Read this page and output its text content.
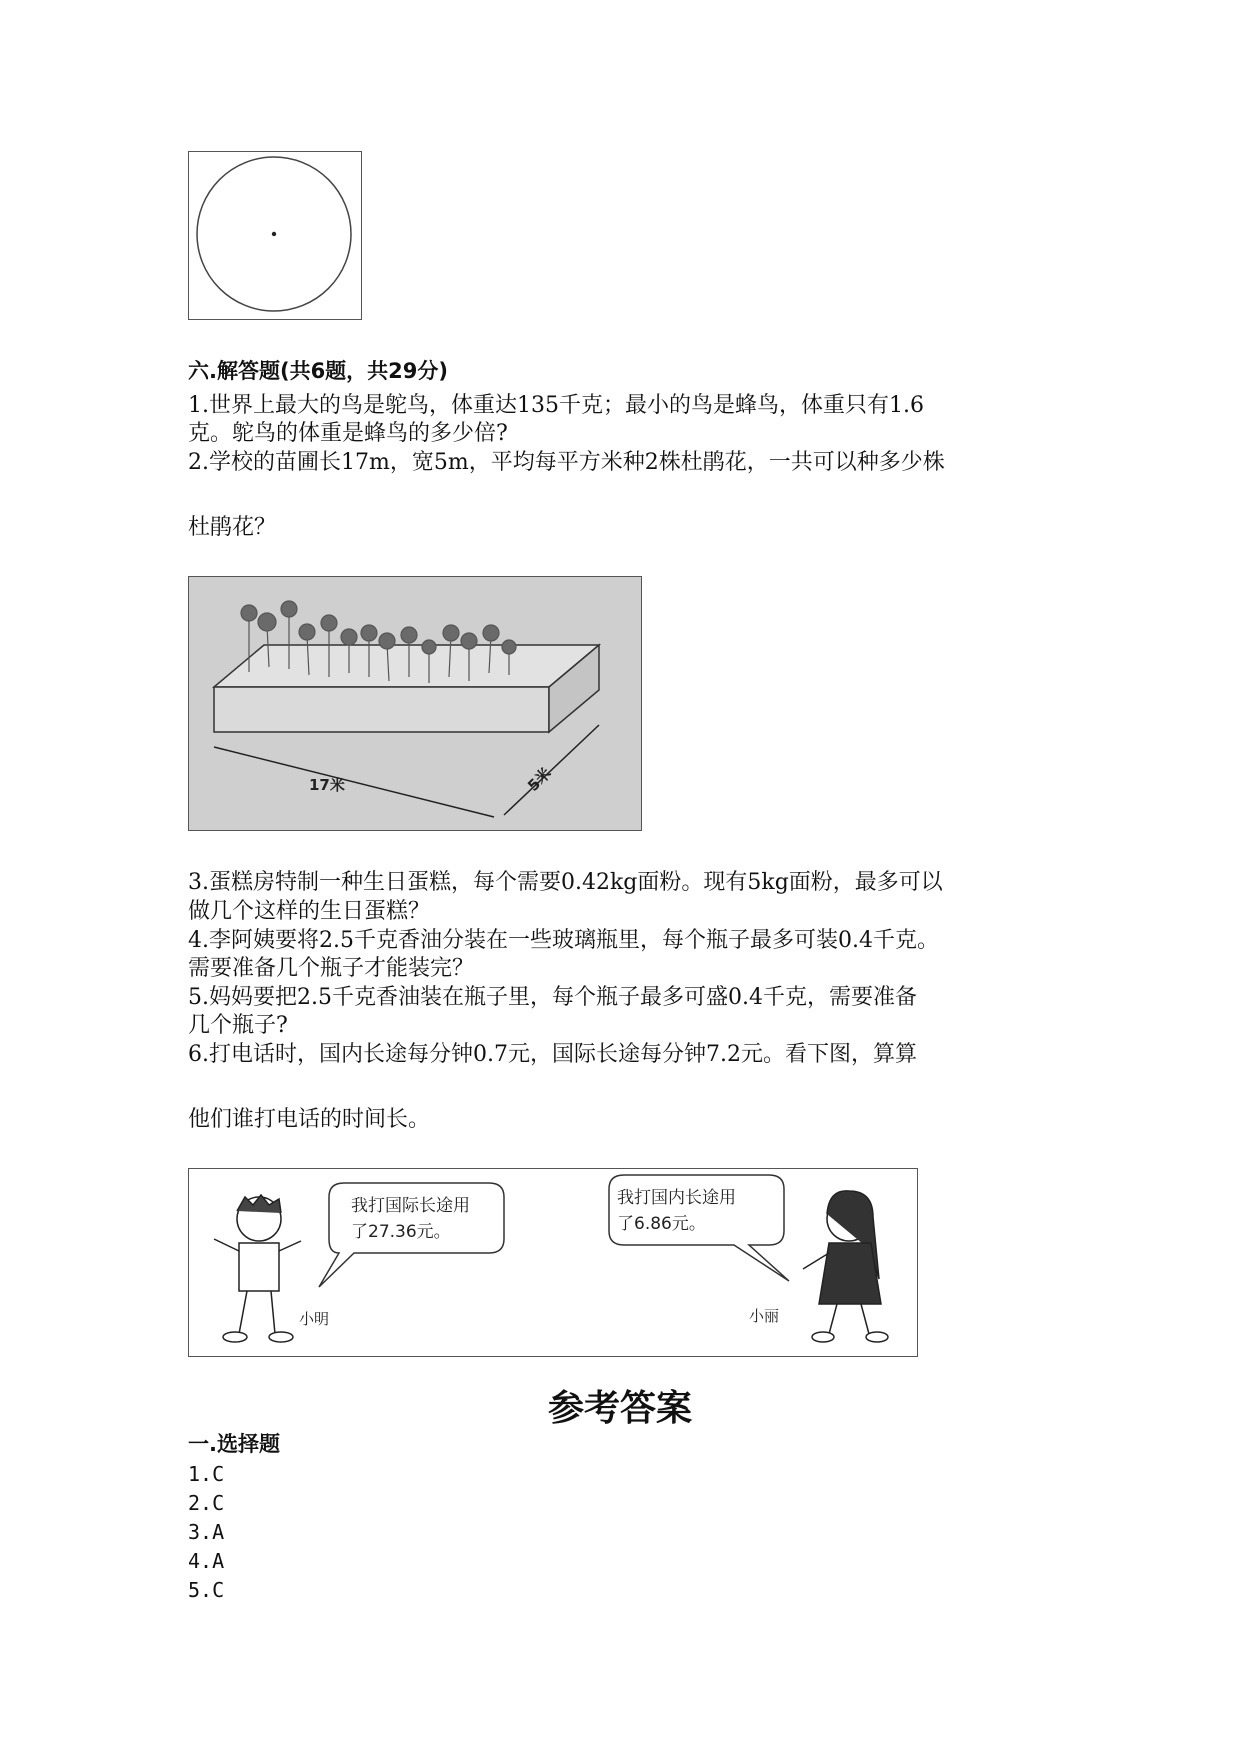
六.解答题(共6题，共29分)
1.世界上最大的鸟是鸵鸟，体重达135千克；最小的鸟是蜂鸟，体重只有1.6
克。鸵鸟的体重是蜂鸟的多少倍?
2.学校的苗圃长17m，宽5m，平均每平方米种2株杜鹃花，一共可以种多少株
杜鹃花？
17米	5米
3.蛋糕房特制一种生日蛋糕，每个需要0.42kg面粉。现有5kg面粉，最多可以
做几个这样的生日蛋糕？
4.李阿姨要将2.5千克香油分装在一些玻璃瓶里，每个瓶子最多可装0.4千克。
需要准备几个瓶子才能装完？
5.妈妈要把2.5千克香油装在瓶子里，每个瓶子最多可盛0.4千克，需要准备
几个瓶子?
6.打电话时，国内长途每分钟0.7元，国际长途每分钟7.2元。看下图，算算
他们谁打电话的时间长。
小明
我打国际长途用
了27.36元。
我打国内长途用
了6.86元。
小丽
参考答案
一.选择题
1.C
2.C
3.A
4.A
5.C
